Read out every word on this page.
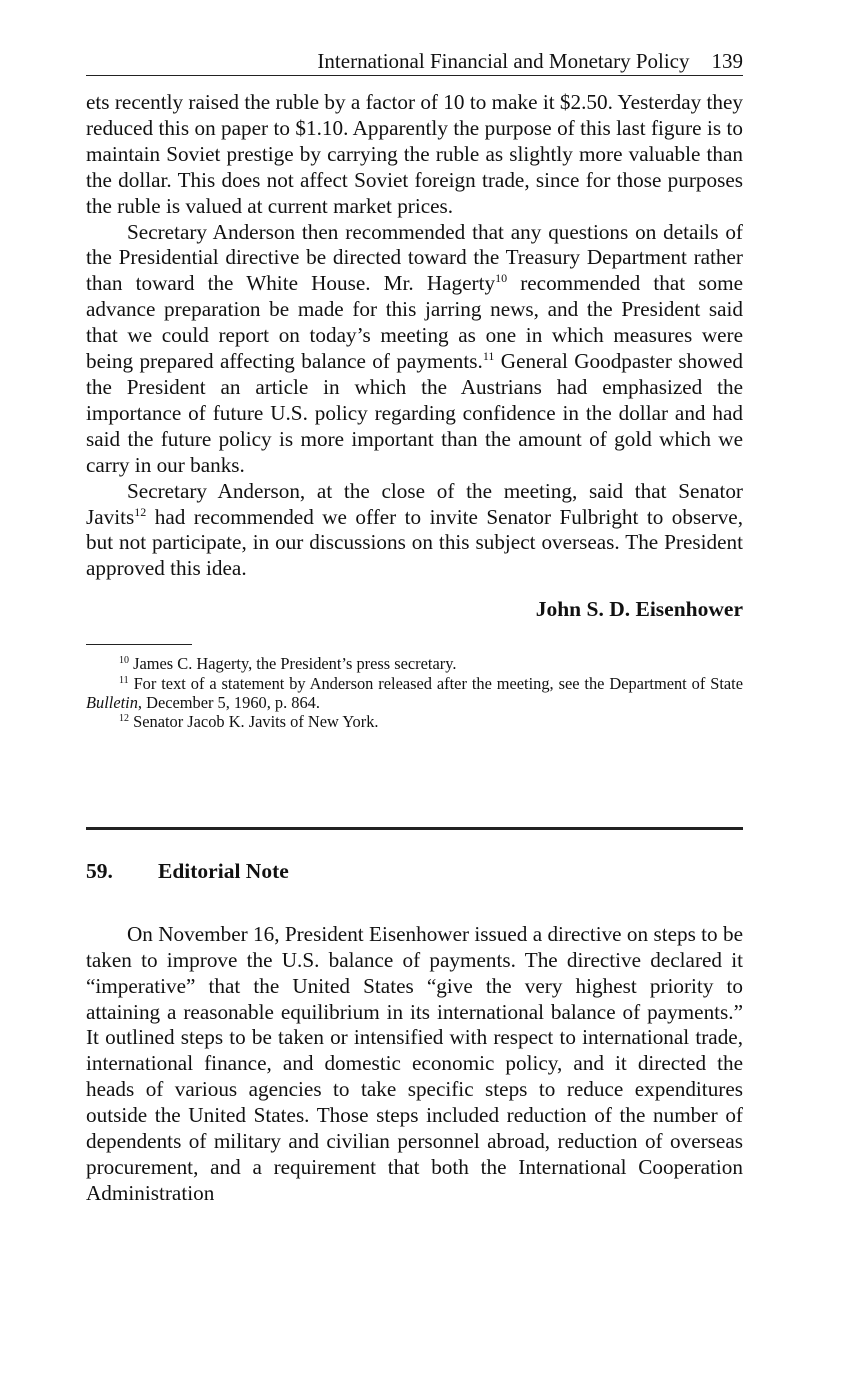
International Financial and Monetary Policy 139

ets recently raised the ruble by a factor of 10 to make it $2.50. Yesterday they reduced this on paper to $1.10. Apparently the purpose of this last figure is to maintain Soviet prestige by carrying the ruble as slightly more valuable than the dollar. This does not affect Soviet foreign trade, since for those purposes the ruble is valued at current market prices.

Secretary Anderson then recommended that any questions on details of the Presidential directive be directed toward the Treasury Department rather than toward the White House. Mr. Hagerty$^{10}$ recommended that some advance preparation be made for this jarring news, and the President said that we could report on today’s meeting as one in which measures were being prepared affecting balance of payments.$^{11}$ General Goodpaster showed the President an article in which the Austrians had emphasized the importance of future U.S. policy regarding confidence in the dollar and had said the future policy is more important than the amount of gold which we carry in our banks.

Secretary Anderson, at the close of the meeting, said that Senator Javits$^{12}$ had recommended we offer to invite Senator Fulbright to observe, but not participate, in our discussions on this subject overseas. The President approved this idea.

John S. D. Eisenhower

$^{10}$ James C. Hagerty, the President’s press secretary.

$^{11}$ For text of a statement by Anderson released after the meeting, see the Department of State Bulletin, December 5, 1960, p. 864.

$^{12}$ Senator Jacob K. Javits of New York.

59.	Editorial Note

On November 16, President Eisenhower issued a directive on steps to be taken to improve the U.S. balance of payments. The directive declared it “imperative” that the United States “give the very highest priority to attaining a reasonable equilibrium in its international balance of payments.” It outlined steps to be taken or intensified with respect to international trade, international finance, and domestic economic policy, and it directed the heads of various agencies to take specific steps to reduce expenditures outside the United States. Those steps included reduction of the number of dependents of military and civilian personnel abroad, reduction of overseas procurement, and a requirement that both the International Cooperation Administration
